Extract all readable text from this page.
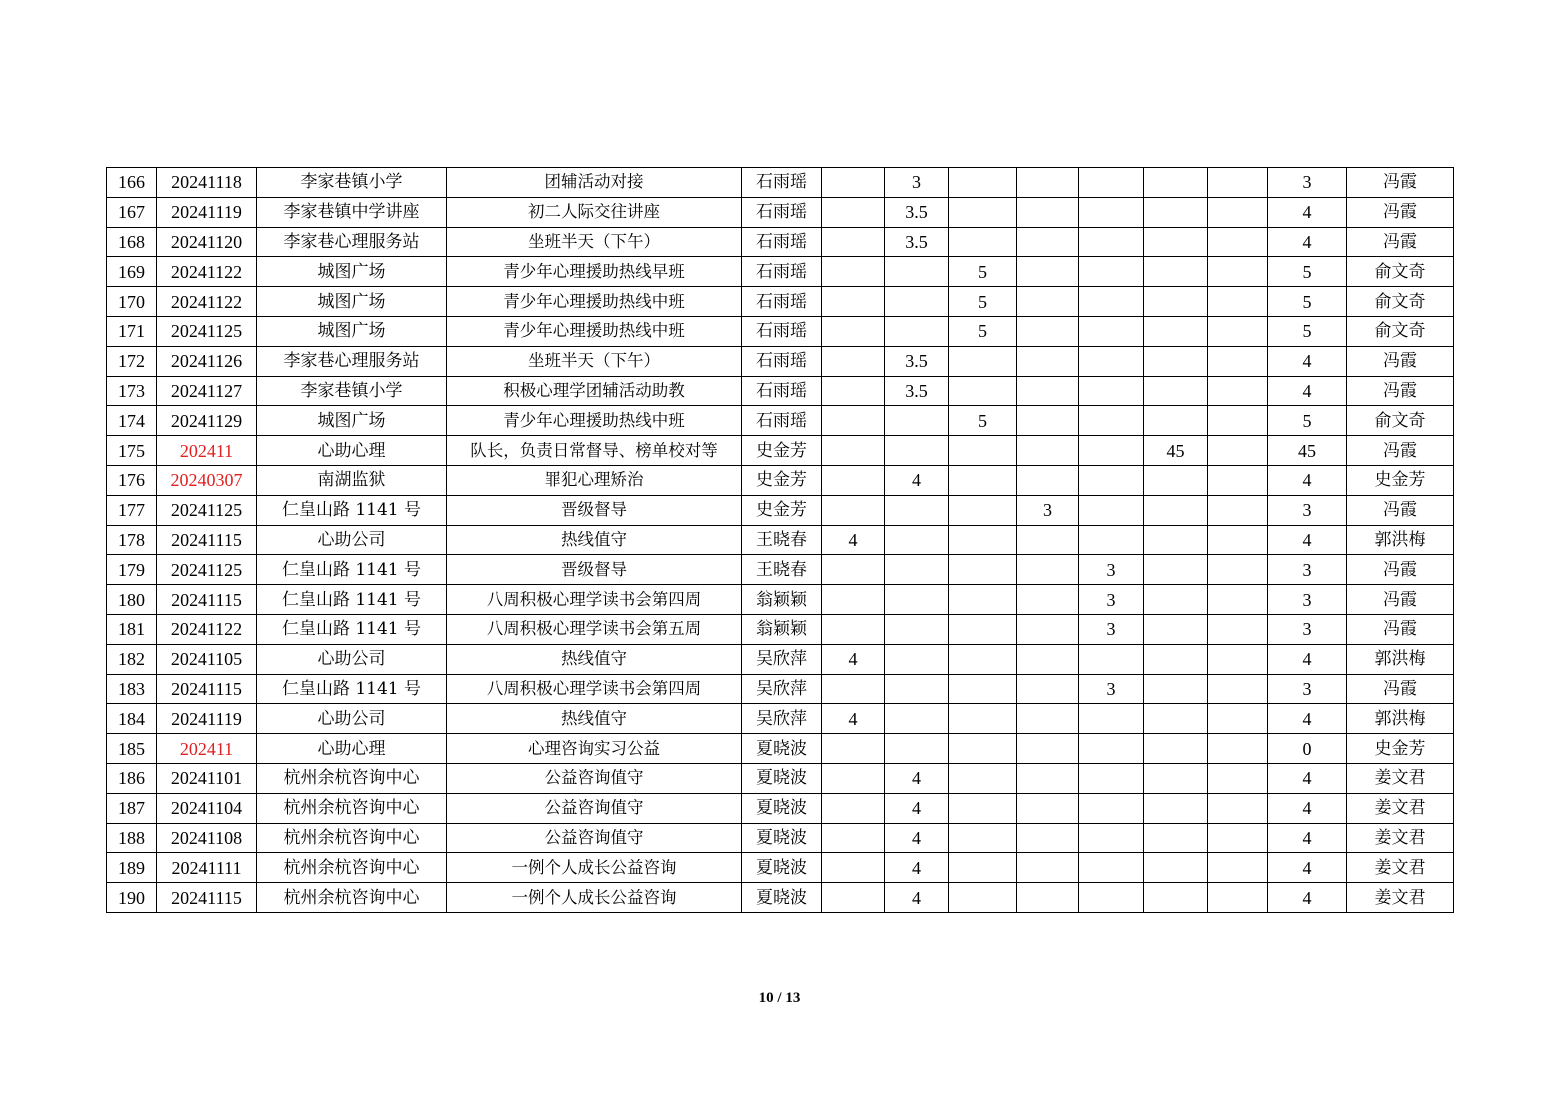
166	20241118	李家巷镇小学	团辅活动对接	石雨瑶		3						3	冯霞
167	20241119	李家巷镇中学讲座	初二人际交往讲座	石雨瑶		3.5						4	冯霞
168	20241120	李家巷心理服务站	坐班半天（下午）	石雨瑶		3.5						4	冯霞
169	20241122	城图广场	青少年心理援助热线早班	石雨瑶			5					5	俞文奇
170	20241122	城图广场	青少年心理援助热线中班	石雨瑶			5					5	俞文奇
171	20241125	城图广场	青少年心理援助热线中班	石雨瑶			5					5	俞文奇
172	20241126	李家巷心理服务站	坐班半天（下午）	石雨瑶		3.5						4	冯霞
173	20241127	李家巷镇小学	积极心理学团辅活动助教	石雨瑶		3.5						4	冯霞
174	20241129	城图广场	青少年心理援助热线中班	石雨瑶			5					5	俞文奇
175	202411	心助心理	队长，负责日常督导、榜单校对等	史金芳						45		45	冯霞
176	20240307	南湖监狱	罪犯心理矫治	史金芳		4						4	史金芳
177	20241125	仁皇山路 1141 号	晋级督导	史金芳				3				3	冯霞
178	20241115	心助公司	热线值守	王晓春	4							4	郭洪梅
179	20241125	仁皇山路 1141 号	晋级督导	王晓春					3			3	冯霞
180	20241115	仁皇山路 1141 号	八周积极心理学读书会第四周	翁颖颖					3			3	冯霞
181	20241122	仁皇山路 1141 号	八周积极心理学读书会第五周	翁颖颖					3			3	冯霞
182	20241105	心助公司	热线值守	吴欣萍	4							4	郭洪梅
183	20241115	仁皇山路 1141 号	八周积极心理学读书会第四周	吴欣萍					3			3	冯霞
184	20241119	心助公司	热线值守	吴欣萍	4							4	郭洪梅
185	202411	心助心理	心理咨询实习公益	夏晓波								0	史金芳
186	20241101	杭州余杭咨询中心	公益咨询值守	夏晓波		4						4	姜文君
187	20241104	杭州余杭咨询中心	公益咨询值守	夏晓波		4						4	姜文君
188	20241108	杭州余杭咨询中心	公益咨询值守	夏晓波		4						4	姜文君
189	20241111	杭州余杭咨询中心	一例个人成长公益咨询	夏晓波		4						4	姜文君
190	20241115	杭州余杭咨询中心	一例个人成长公益咨询	夏晓波		4						4	姜文君
10 / 13
